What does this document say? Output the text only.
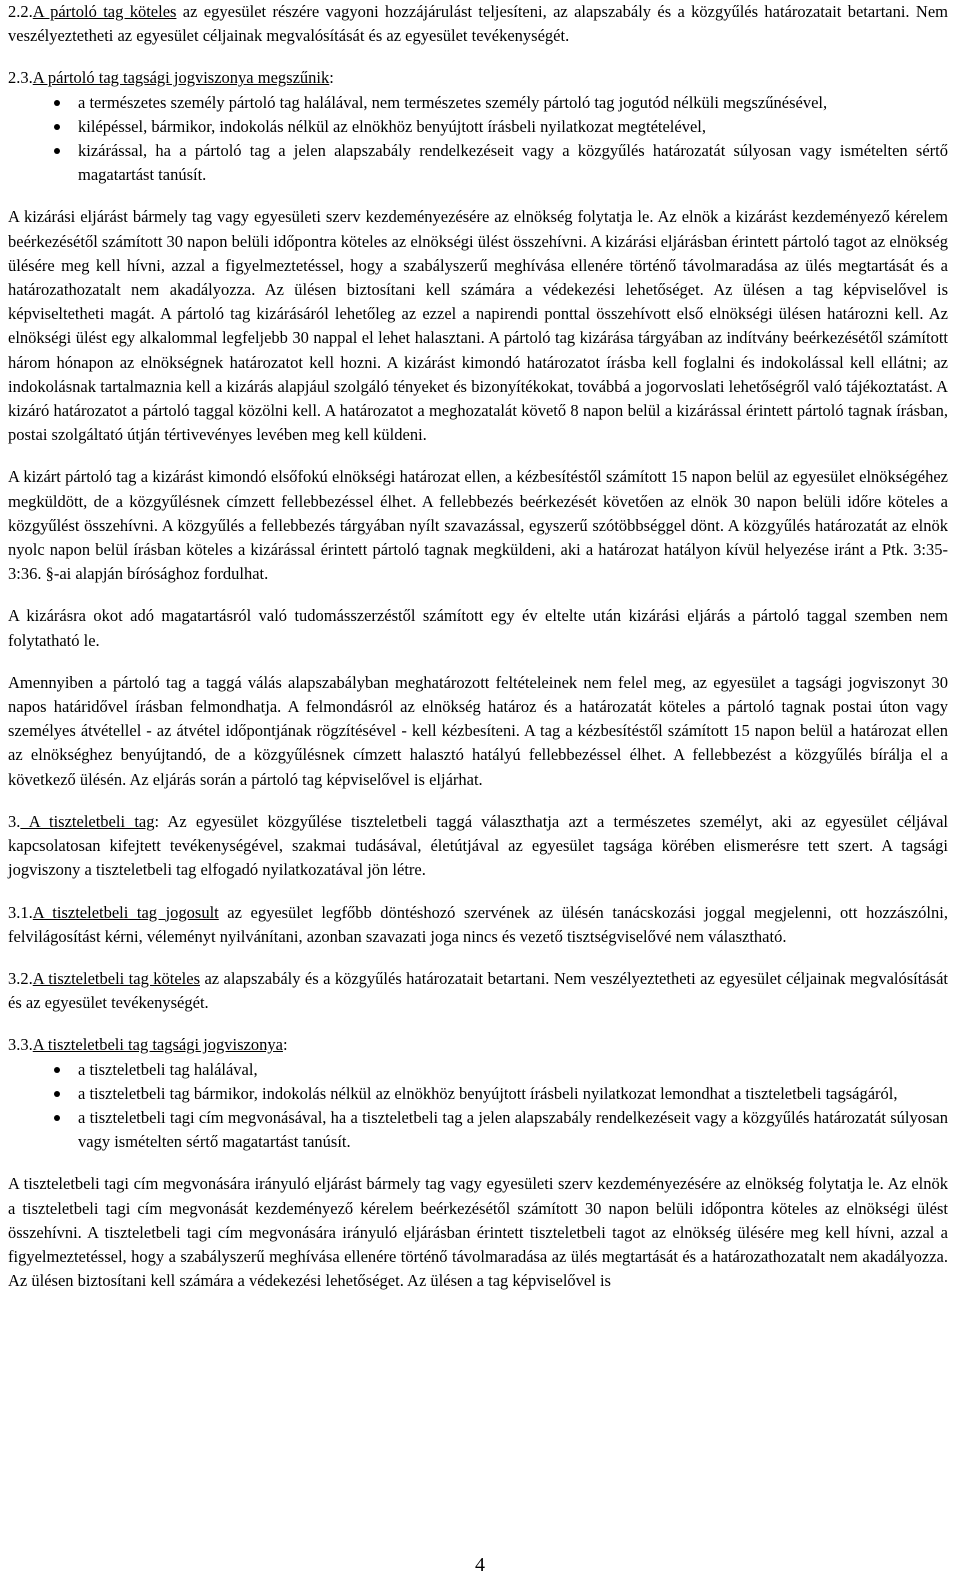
2.2.A pártoló tag köteles az egyesület részére vagyoni hozzájárulást teljesíteni, az alapszabály és a közgyűlés határozatait betartani. Nem veszélyeztetheti az egyesület céljainak megvalósítását és az egyesület tevékenységét.

2.3.A pártoló tag tagsági jogviszonya megszűnik:

a természetes személy pártoló tag halálával, nem természetes személy pártoló tag jogutód nélküli megszűnésével,
kilépéssel, bármikor, indokolás nélkül az elnökhöz benyújtott írásbeli nyilatkozat megtételével,
kizárással, ha a pártoló tag a jelen alapszabály rendelkezéseit vagy a közgyűlés határozatát súlyosan vagy ismételten sértő magatartást tanúsít.

A kizárási eljárást bármely tag vagy egyesületi szerv kezdeményezésére az elnökség folytatja le. Az elnök a kizárást kezdeményező kérelem beérkezésétől számított 30 napon belüli időpontra köteles az elnökségi ülést összehívni. A kizárási eljárásban érintett pártoló tagot az elnökség ülésére meg kell hívni, azzal a figyelmeztetéssel, hogy a szabályszerű meghívása ellenére történő távolmaradása az ülés megtartását és a határozathozatalt nem akadályozza. Az ülésen biztosítani kell számára a védekezési lehetőséget. Az ülésen a tag képviselővel is képviseltetheti magát. A pártoló tag kizárásáról lehetőleg az ezzel a napirendi ponttal összehívott első elnökségi ülésen határozni kell. Az elnökségi ülést egy alkalommal legfeljebb 30 nappal el lehet halasztani. A pártoló tag kizárása tárgyában az indítvány beérkezésétől számított három hónapon az elnökségnek határozatot kell hozni. A kizárást kimondó határozatot írásba kell foglalni és indokolással kell ellátni; az indokolásnak tartalmaznia kell a kizárás alapjául szolgáló tényeket és bizonyítékokat, továbbá a jogorvoslati lehetőségről való tájékoztatást. A kizáró határozatot a pártoló taggal közölni kell. A határozatot a meghozatalát követő 8 napon belül a kizárással érintett pártoló tagnak írásban, postai szolgáltató útján tértivevényes levében meg kell küldeni.

A kizárt pártoló tag a kizárást kimondó elsőfokú elnökségi határozat ellen, a kézbesítéstől számított 15 napon belül az egyesület elnökségéhez megküldött, de a közgyűlésnek címzett fellebbezéssel élhet. A fellebbezés beérkezését követően az elnök 30 napon belüli időre köteles a közgyűlést összehívni. A közgyűlés a fellebbezés tárgyában nyílt szavazással, egyszerű szótöbbséggel dönt. A közgyűlés határozatát az elnök nyolc napon belül írásban köteles a kizárással érintett pártoló tagnak megküldeni, aki a határozat hatályon kívül helyezése iránt a Ptk. 3:35-3:36. §-ai alapján bírósághoz fordulhat.

A kizárásra okot adó magatartásról való tudomásszerzéstől számított egy év eltelte után kizárási eljárás a pártoló taggal szemben nem folytatható le.

Amennyiben a pártoló tag a taggá válás alapszabályban meghatározott feltételeinek nem felel meg, az egyesület a tagsági jogviszonyt 30 napos határidővel írásban felmondhatja. A felmondásról az elnökség határoz és a határozatát köteles a pártoló tagnak postai úton vagy személyes átvétellel - az átvétel időpontjának rögzítésével - kell kézbesíteni. A tag a kézbesítéstől számított 15 napon belül a határozat ellen az elnökséghez benyújtandó, de a közgyűlésnek címzett halasztó hatályú fellebbezéssel élhet. A fellebbezést a közgyűlés bírálja el a következő ülésén. Az eljárás során a pártoló tag képviselővel is eljárhat.

3. A tiszteletbeli tag: Az egyesület közgyűlése tiszteletbeli taggá választhatja azt a természetes személyt, aki az egyesület céljával kapcsolatosan kifejtett tevékenységével, szakmai tudásával, életútjával az egyesület tagsága körében elismerésre tett szert. A tagsági jogviszony a tiszteletbeli tag elfogadó nyilatkozatával jön létre.

3.1.A tiszteletbeli tag jogosult az egyesület legfőbb döntéshozó szervének az ülésén tanácskozási joggal megjelenni, ott hozzászólni, felvilágosítást kérni, véleményt nyilvánítani, azonban szavazati joga nincs és vezető tisztségviselővé nem választható.

3.2.A tiszteletbeli tag köteles az alapszabály és a közgyűlés határozatait betartani. Nem veszélyeztetheti az egyesület céljainak megvalósítását és az egyesület tevékenységét.

3.3.A tiszteletbeli tag tagsági jogviszonya:

a tiszteletbeli tag halálával,
a tiszteletbeli tag bármikor, indokolás nélkül az elnökhöz benyújtott írásbeli nyilatkozat lemondhat a tiszteletbeli tagságáról,
a tiszteletbeli tagi cím megvonásával, ha a tiszteletbeli tag a jelen alapszabály rendelkezéseit vagy a közgyűlés határozatát súlyosan vagy ismételten sértő magatartást tanúsít.

A tiszteletbeli tagi cím megvonására irányuló eljárást bármely tag vagy egyesületi szerv kezdeményezésére az elnökség folytatja le. Az elnök a tiszteletbeli tagi cím megvonását kezdeményező kérelem beérkezésétől számított 30 napon belüli időpontra köteles az elnökségi ülést összehívni. A tiszteletbeli tagi cím megvonására irányuló eljárásban érintett tiszteletbeli tagot az elnökség ülésére meg kell hívni, azzal a figyelmeztetéssel, hogy a szabályszerű meghívása ellenére történő távolmaradása az ülés megtartását és a határozathozatalt nem akadályozza. Az ülésen biztosítani kell számára a védekezési lehetőséget. Az ülésen a tag képviselővel is

4
